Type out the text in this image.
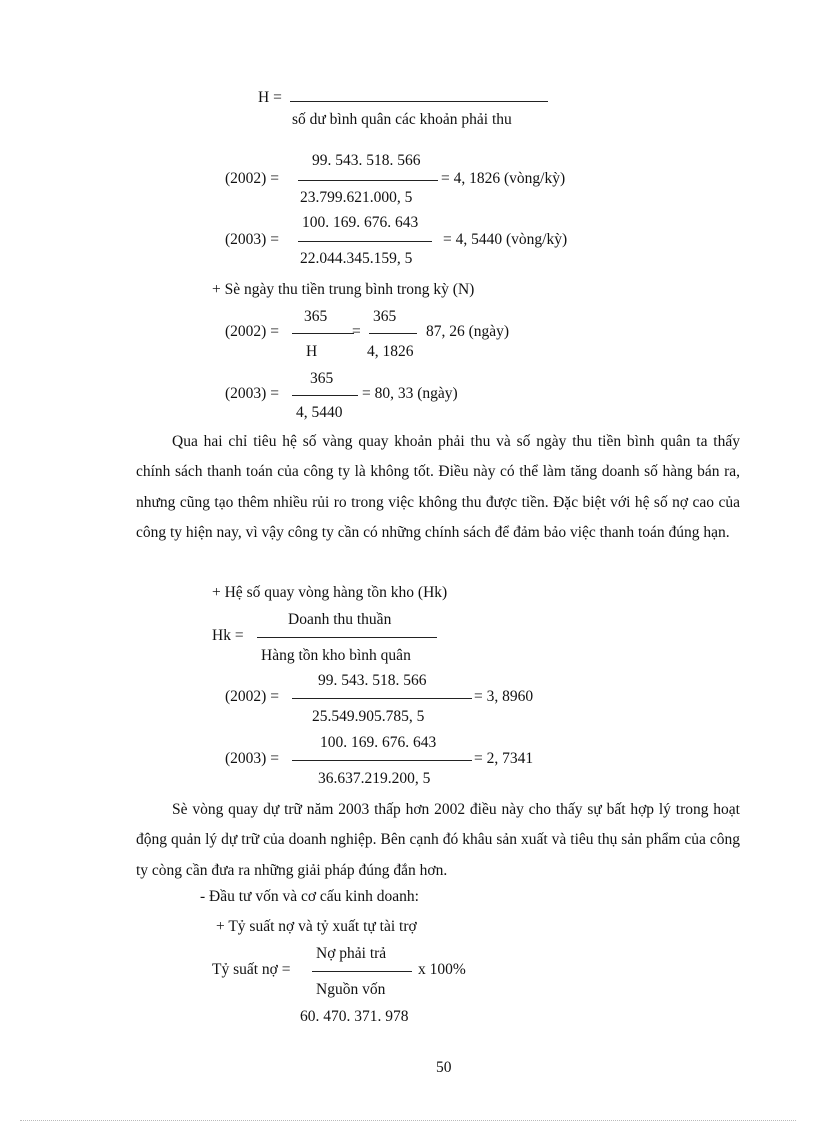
H =
số dư bình quân các khoản phải thu
99. 543. 518. 566
(2002) =	= 4, 1826 (vòng/kỳ)
23.799.621.000, 5
100. 169. 676. 643
(2003) =	= 4, 5440 (vòng/kỳ)
22.044.345.159, 5
+ Sè ngày thu tiền trung bình trong kỳ (N)
365	365
(2002) =	=	87, 26 (ngày)
H	4, 1826
365
(2003) =	= 80, 33 (ngày)
4, 5440
Qua hai chỉ tiêu hệ số vàng quay khoản phải thu và số ngày thu tiền bình quân ta thấy chính sách thanh toán của công ty là không tốt. Điều này có thể làm tăng doanh số hàng bán ra, nhưng cũng tạo thêm nhiều rủi ro trong việc không thu được tiền. Đặc biệt với hệ số nợ cao của công ty hiện nay, vì vậy công ty cần có những chính sách để đảm bảo việc thanh toán đúng hạn.
+ Hệ số quay vòng hàng tồn kho (Hk)
Doanh thu thuần
Hk =
Hàng tồn kho bình quân
99. 543. 518. 566
(2002) =	= 3, 8960
25.549.905.785, 5
100. 169. 676. 643
(2003) =	= 2, 7341
36.637.219.200, 5
Sè vòng quay dự trữ năm 2003 thấp hơn 2002 điều này cho thấy sự bất hợp lý trong hoạt động quản lý dự trữ của doanh nghiệp. Bên cạnh đó khâu sản xuất và tiêu thụ sản phẩm của công ty còng cần đưa ra những giải pháp đúng đắn hơn.
- Đầu tư vốn và cơ cấu kinh doanh:
+ Tỷ suất nợ và tỷ xuất tự tài trợ
Nợ phải trả
Tỷ suất nợ =	x 100%
Nguồn vốn
60. 470. 371. 978
50
